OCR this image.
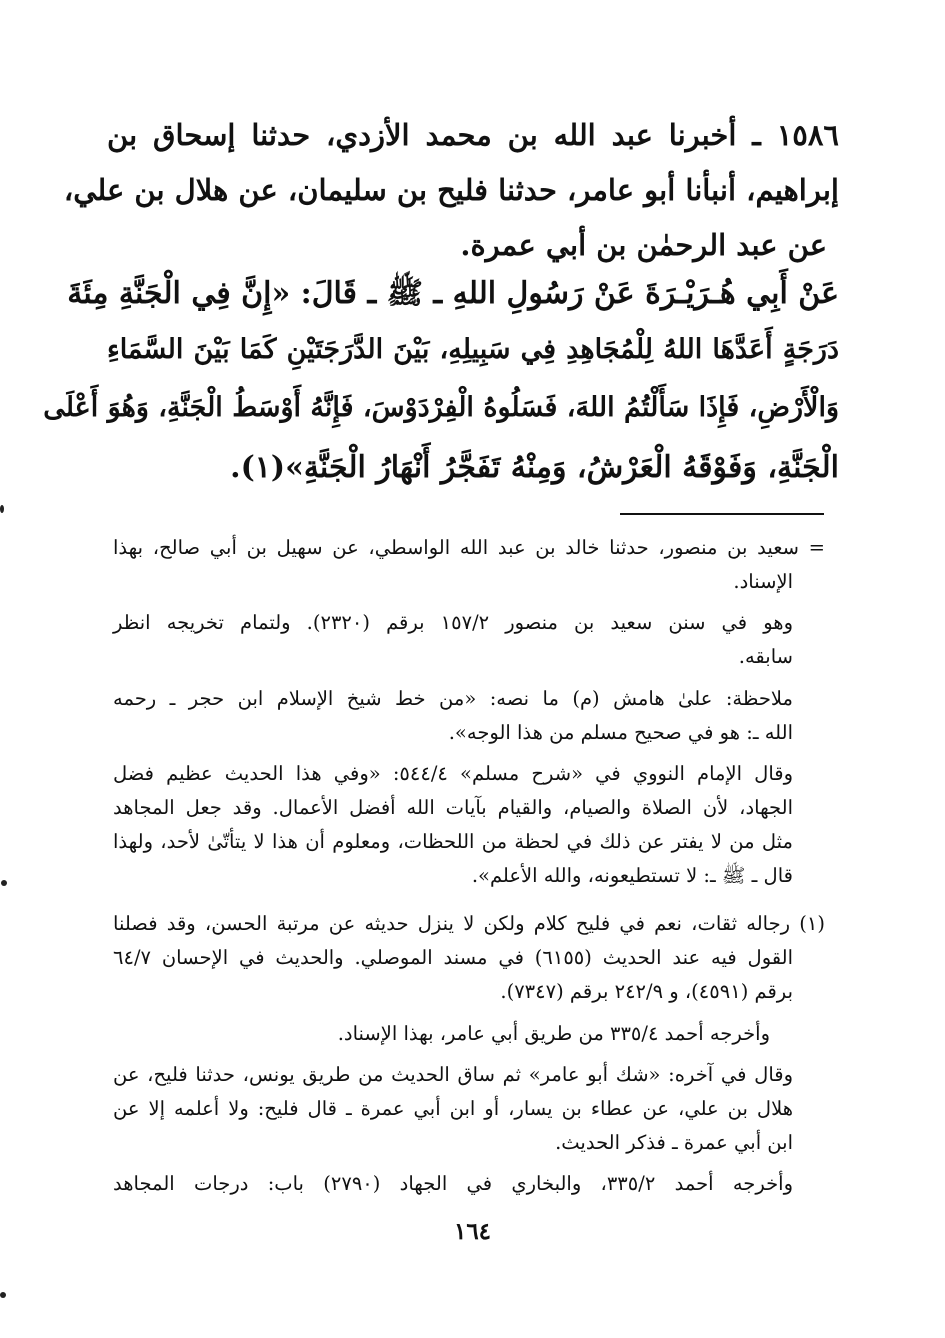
١٥٨٦ ـ أخبرنا عبد الله بن محمد الأزدي، حدثنا إسحاق بن
إبراهيم، أنبأنا أبو عامر، حدثنا فليح بن سليمان، عن هلال بن علي،
عن عبد الرحمٰن بن أبي عمرة.
عَنْ أَبِي هُـرَيْـرَةَ عَنْ رَسُولِ اللهِ ـ ﷺ ـ قَالَ: «إِنَّ فِي الْجَنَّةِ مِئَةَ
دَرَجَةٍ أَعَدَّهَا اللهُ لِلْمُجَاهِدِ فِي سَبِيلِهِ، بَيْنَ الدَّرَجَتَيْنِ كَمَا بَيْنَ السَّمَاءِ
وَالْأَرْضِ، فَإِذَا سَأَلْتُمُ اللهَ، فَسَلُوهُ الْفِرْدَوْسَ، فَإِنَّهُ أَوْسَطُ الْجَنَّةِ، وَهُوَ أَعْلَى
الْجَنَّةِ، وَفَوْقَهُ الْعَرْشُ، وَمِنْهُ تَفَجَّرُ أَنْهَارُ الْجَنَّةِ»(١).
= سعيد بن منصور، حدثنا خالد بن عبد الله الواسطي، عن سهيل بن أبي صالح، بهذا
الإسناد.
وهو في سنن سعيد بن منصور ١٥٧/٢ برقم (٢٣٢٠). ولتمام تخريجه انظر
سابقه.
ملاحظة: علىٰ هامش (م) ما نصه: «من خط شيخ الإسلام ابن حجر ـ رحمه
الله ـ: هو في صحيح مسلم من هذا الوجه».
وقال الإمام النووي في «شرح مسلم» ٥٤٤/٤: «وفي هذا الحديث عظيم فضل
الجهاد، لأن الصلاة والصيام، والقيام بآيات الله أفضل الأعمال. وقد جعل المجاهد
مثل من لا يفتر عن ذلك في لحظة من اللحظات، ومعلوم أن هذا لا يتأتّىٰ لأحد، ولهذا
قال ـ ﷺ ـ: لا تستطيعونه، والله الأعلم».
(١) رجاله ثقات، نعم في فليح كلام ولكن لا ينزل حديثه عن مرتبة الحسن، وقد فصلنا
القول فيه عند الحديث (٦١٥٥) في مسند الموصلي. والحديث في الإحسان ٦٤/٧
برقم (٤٥٩١)، و ٢٤٢/٩ برقم (٧٣٤٧).
وأخرجه أحمد ٣٣٥/٤ من طريق أبي عامر، بهذا الإسناد.
وقال في آخره: «شك أبو عامر» ثم ساق الحديث من طريق يونس، حدثنا فليح، عن
هلال بن علي، عن عطاء بن يسار، أو ابن أبي عمرة ـ قال فليح: ولا أعلمه إلا عن
ابن أبي عمرة ـ فذكر الحديث.
وأخرجه أحمد ٣٣٥/٢، والبخاري في الجهاد (٢٧٩٠) باب: درجات المجاهد
١٦٤
